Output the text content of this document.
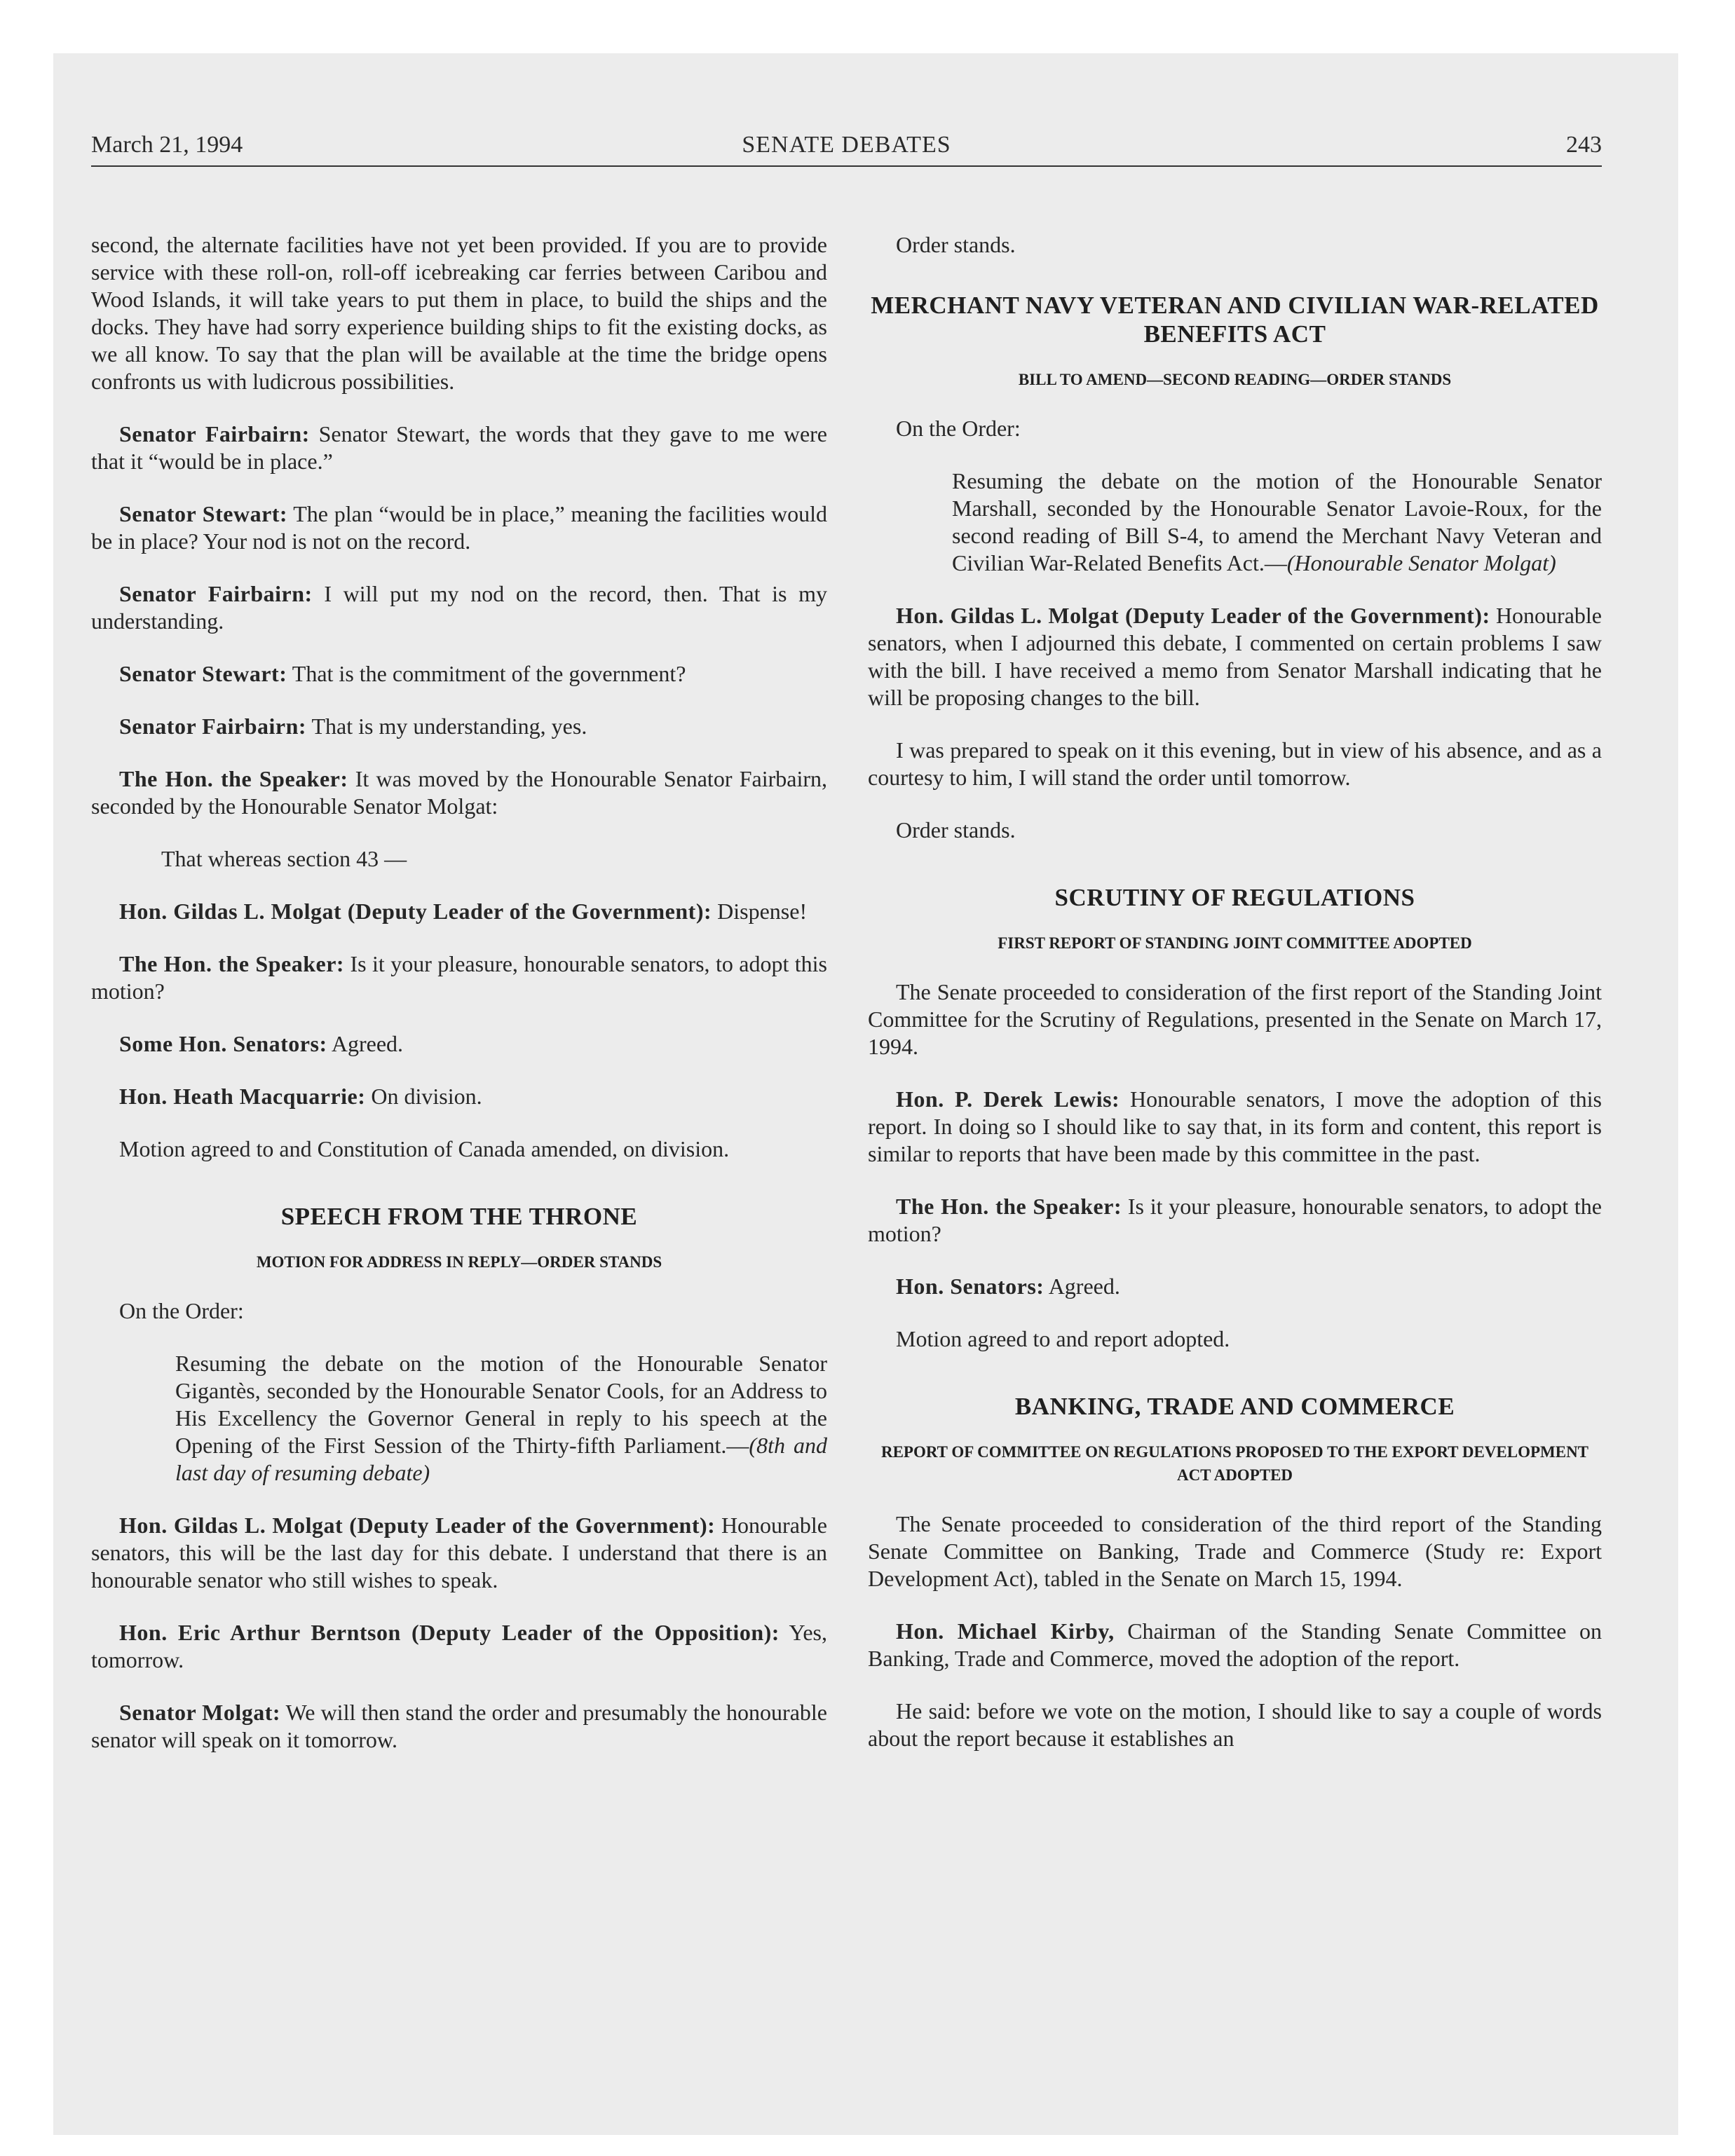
March 21, 1994	SENATE DEBATES	243

second, the alternate facilities have not yet been provided. If you are to provide service with these roll-on, roll-off icebreaking car ferries between Caribou and Wood Islands, it will take years to put them in place, to build the ships and the docks. They have had sorry experience building ships to fit the existing docks, as we all know. To say that the plan will be available at the time the bridge opens confronts us with ludicrous possibilities.

Senator Fairbairn: Senator Stewart, the words that they gave to me were that it “would be in place.”

Senator Stewart: The plan “would be in place,” meaning the facilities would be in place? Your nod is not on the record.

Senator Fairbairn: I will put my nod on the record, then. That is my understanding.

Senator Stewart: That is the commitment of the government?

Senator Fairbairn: That is my understanding, yes.

The Hon. the Speaker: It was moved by the Honourable Senator Fairbairn, seconded by the Honourable Senator Molgat:

That whereas section 43 —

Hon. Gildas L. Molgat (Deputy Leader of the Government): Dispense!

The Hon. the Speaker: Is it your pleasure, honourable senators, to adopt this motion?

Some Hon. Senators: Agreed.

Hon. Heath Macquarrie: On division.

Motion agreed to and Constitution of Canada amended, on division.

SPEECH FROM THE THRONE
MOTION FOR ADDRESS IN REPLY—ORDER STANDS

On the Order:

Resuming the debate on the motion of the Honourable Senator Gigantès, seconded by the Honourable Senator Cools, for an Address to His Excellency the Governor General in reply to his speech at the Opening of the First Session of the Thirty-fifth Parliament.—(8th and last day of resuming debate)

Hon. Gildas L. Molgat (Deputy Leader of the Government): Honourable senators, this will be the last day for this debate. I understand that there is an honourable senator who still wishes to speak.

Hon. Eric Arthur Berntson (Deputy Leader of the Opposition): Yes, tomorrow.

Senator Molgat: We will then stand the order and presumably the honourable senator will speak on it tomorrow.

Order stands.

MERCHANT NAVY VETERAN AND CIVILIAN WAR-RELATED BENEFITS ACT
BILL TO AMEND—SECOND READING—ORDER STANDS

On the Order:

Resuming the debate on the motion of the Honourable Senator Marshall, seconded by the Honourable Senator Lavoie-Roux, for the second reading of Bill S-4, to amend the Merchant Navy Veteran and Civilian War-Related Benefits Act.—(Honourable Senator Molgat)

Hon. Gildas L. Molgat (Deputy Leader of the Government): Honourable senators, when I adjourned this debate, I commented on certain problems I saw with the bill. I have received a memo from Senator Marshall indicating that he will be proposing changes to the bill.

I was prepared to speak on it this evening, but in view of his absence, and as a courtesy to him, I will stand the order until tomorrow.

Order stands.

SCRUTINY OF REGULATIONS
FIRST REPORT OF STANDING JOINT COMMITTEE ADOPTED

The Senate proceeded to consideration of the first report of the Standing Joint Committee for the Scrutiny of Regulations, presented in the Senate on March 17, 1994.

Hon. P. Derek Lewis: Honourable senators, I move the adoption of this report. In doing so I should like to say that, in its form and content, this report is similar to reports that have been made by this committee in the past.

The Hon. the Speaker: Is it your pleasure, honourable senators, to adopt the motion?

Hon. Senators: Agreed.

Motion agreed to and report adopted.

BANKING, TRADE AND COMMERCE
REPORT OF COMMITTEE ON REGULATIONS PROPOSED TO THE EXPORT DEVELOPMENT ACT ADOPTED

The Senate proceeded to consideration of the third report of the Standing Senate Committee on Banking, Trade and Commerce (Study re: Export Development Act), tabled in the Senate on March 15, 1994.

Hon. Michael Kirby, Chairman of the Standing Senate Committee on Banking, Trade and Commerce, moved the adoption of the report.

He said: before we vote on the motion, I should like to say a couple of words about the report because it establishes an
